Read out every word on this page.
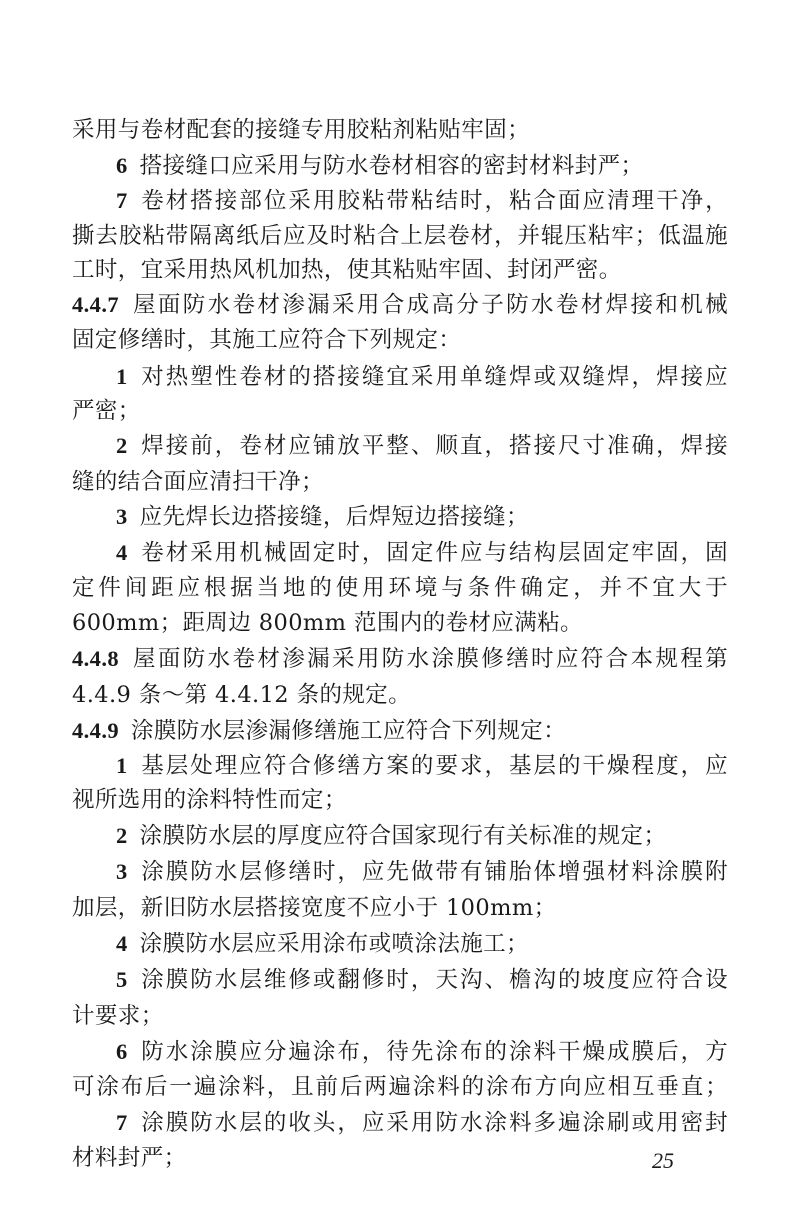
采用与卷材配套的接缝专用胶粘剂粘贴牢固；
6 搭接缝口应采用与防水卷材相容的密封材料封严；
7 卷材搭接部位采用胶粘带粘结时，粘合面应清理干净，
撕去胶粘带隔离纸后应及时粘合上层卷材，并辊压粘牢；低温施
工时，宜采用热风机加热，使其粘贴牢固、封闭严密。
4.4.7 屋面防水卷材渗漏采用合成高分子防水卷材焊接和机械
固定修缮时，其施工应符合下列规定：
1 对热塑性卷材的搭接缝宜采用单缝焊或双缝焊，焊接应
严密；
2 焊接前，卷材应铺放平整、顺直，搭接尺寸准确，焊接
缝的结合面应清扫干净；
3 应先焊长边搭接缝，后焊短边搭接缝；
4 卷材采用机械固定时，固定件应与结构层固定牢固，固
定件间距应根据当地的使用环境与条件确定，并不宜大于
600mm；距周边 800mm 范围内的卷材应满粘。
4.4.8 屋面防水卷材渗漏采用防水涂膜修缮时应符合本规程第
4.4.9 条～第 4.4.12 条的规定。
4.4.9 涂膜防水层渗漏修缮施工应符合下列规定：
1 基层处理应符合修缮方案的要求，基层的干燥程度，应
视所选用的涂料特性而定；
2 涂膜防水层的厚度应符合国家现行有关标准的规定；
3 涂膜防水层修缮时，应先做带有铺胎体增强材料涂膜附
加层，新旧防水层搭接宽度不应小于 100mm；
4 涂膜防水层应采用涂布或喷涂法施工；
5 涂膜防水层维修或翻修时，天沟、檐沟的坡度应符合设
计要求；
6 防水涂膜应分遍涂布，待先涂布的涂料干燥成膜后，方
可涂布后一遍涂料，且前后两遍涂料的涂布方向应相互垂直；
7 涂膜防水层的收头，应采用防水涂料多遍涂刷或用密封
材料封严；	25
